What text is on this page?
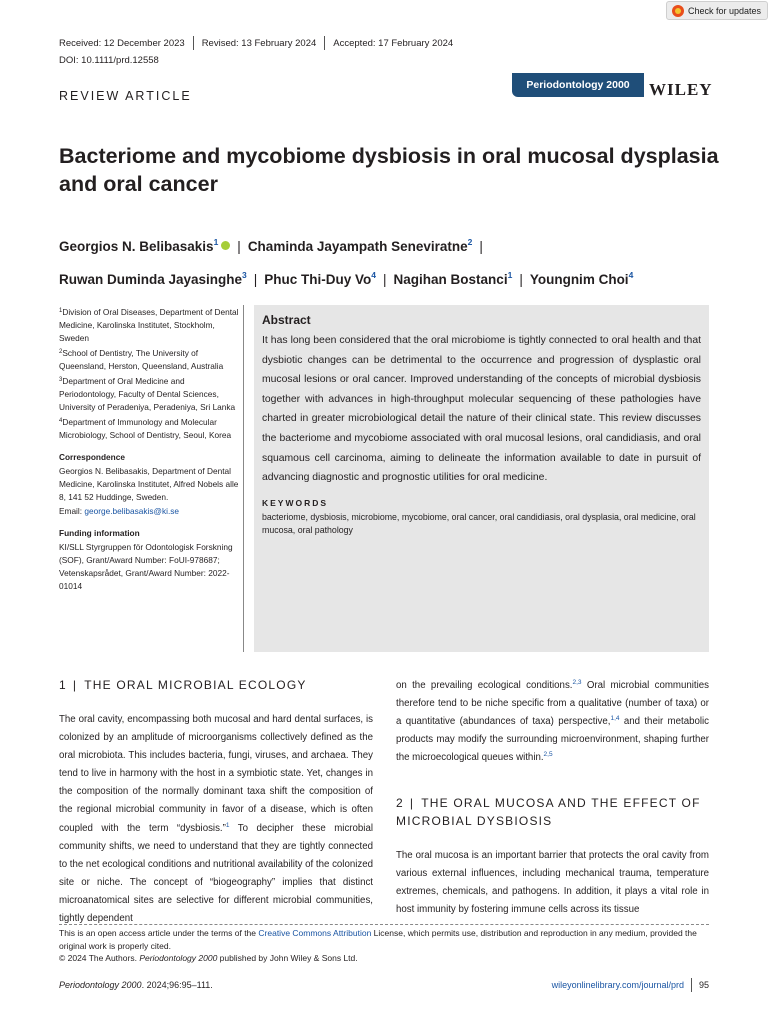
Check for updates
Received: 12 December 2023 Revised: 13 February 2024 Accepted: 17 February 2024
DOI: 10.1111/prd.12558
REVIEW ARTICLE
Periodontology 2000	WILEY
Bacteriome and mycobiome dysbiosis in oral mucosal dysplasia and oral cancer
Georgios N. Belibasakis$^1$ | Chaminda Jayampath Seneviratne$^2$ |
Ruwan Duminda Jayasinghe$^3$ | Phuc Thi-Duy Vo$^4$ | Nagihan Bostanci$^1$ | Youngnim Choi$^4$

$^1$Division of Oral Diseases, Department of Dental Medicine, Karolinska Institutet, Stockholm, Sweden

$^2$School of Dentistry, The University of Queensland, Herston, Queensland, Australia

$^3$Department of Oral Medicine and Periodontology, Faculty of Dental Sciences, University of Peradeniya, Peradeniya, Sri Lanka

$^4$Department of Immunology and Molecular Microbiology, School of Dentistry, Seoul, Korea

Correspondence

Georgios N. Belibasakis, Department of Dental Medicine, Karolinska Institutet, Alfred Nobels alle 8, 141 52 Huddinge, Sweden.

Email: george.belibasakis@ki.se

Funding information

KI/SLL Styrgruppen för Odontologisk Forskning (SOF), Grant/Award Number: FoUI-978687; Vetenskapsrådet, Grant/Award Number: 2022-01014

Abstract

It has long been considered that the oral microbiome is tightly connected to oral health and that dysbiotic changes can be detrimental to the occurrence and progression of dysplastic oral mucosal lesions or oral cancer. Improved understanding of the concepts of microbial dysbiosis together with advances in high-throughput molecular sequencing of these pathologies have charted in greater microbiological detail the nature of their clinical state. This review discusses the bacteriome and mycobiome associated with oral mucosal lesions, oral candidiasis, and oral squamous cell carcinoma, aiming to delineate the information available to date in pursuit of advancing diagnostic and prognostic utilities for oral medicine.

KEYWORDS

bacteriome, dysbiosis, microbiome, mycobiome, oral cancer, oral candidiasis, oral dysplasia, oral medicine, oral mucosa, oral pathology

1 | THE ORAL MICROBIAL ECOLOGY

The oral cavity, encompassing both mucosal and hard dental surfaces, is colonized by an amplitude of microorganisms collectively defined as the oral microbiota. This includes bacteria, fungi, viruses, and archaea. They tend to live in harmony with the host in a symbiotic state. Yet, changes in the composition of the normally dominant taxa shift the composition of the regional microbial community in favor of a disease, which is often coupled with the term “dysbiosis.”$^1$ To decipher these microbial community shifts, we need to understand that they are tightly connected to the net ecological conditions and nutritional availability of the colonized site or niche. The concept of “biogeography” implies that distinct microanatomical sites are selective for different microbial communities, tightly dependent

on the prevailing ecological conditions.$^{2,3}$ Oral microbial communities therefore tend to be niche specific from a qualitative (number of taxa) or a quantitative (abundances of taxa) perspective,$^{1,4}$ and their metabolic products may modify the surrounding microenvironment, shaping further the microecological queues within.$^{2,5}$

2 | THE ORAL MUCOSA AND THE EFFECT OF MICROBIAL DYSBIOSIS

The oral mucosa is an important barrier that protects the oral cavity from various external influences, including mechanical trauma, temperature extremes, chemicals, and pathogens. In addition, it plays a vital role in host immunity by fostering immune cells across its tissue

This is an open access article under the terms of the Creative Commons Attribution License, which permits use, distribution and reproduction in any medium, provided the original work is properly cited.
© 2024 The Authors. Periodontology 2000 published by John Wiley & Sons Ltd.
Periodontology 2000. 2024;96:95–111.	wileyonlinelibrary.com/journal/prd 95
